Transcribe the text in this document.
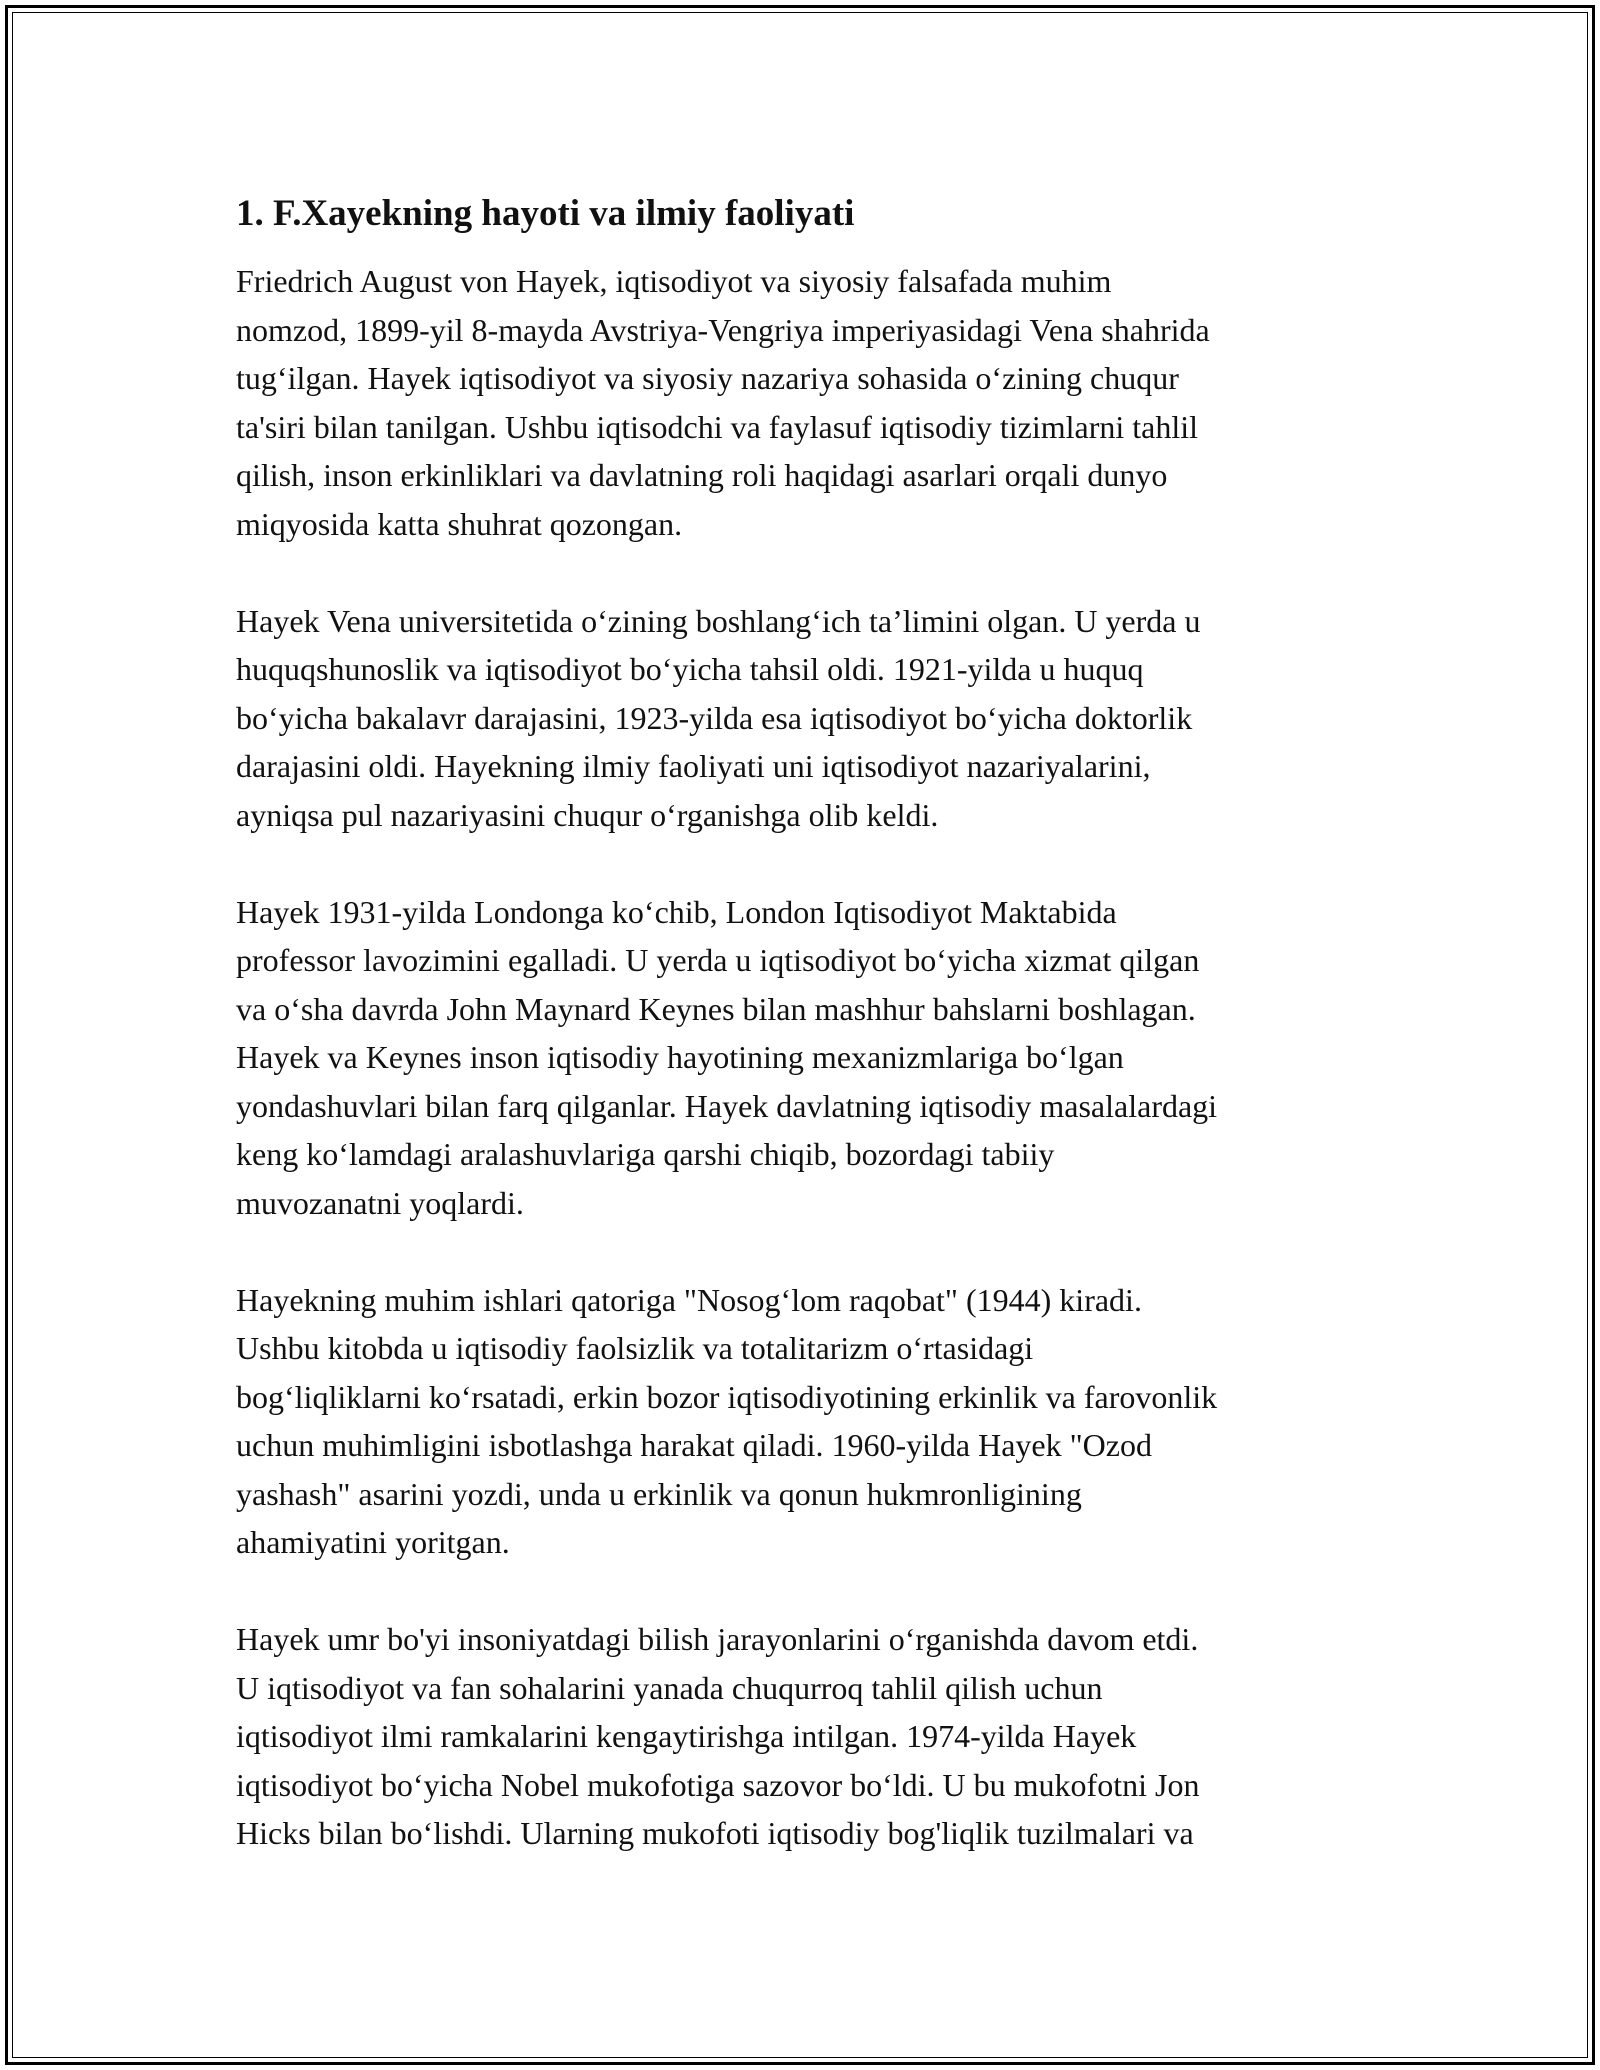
1. F.Xayekning hayoti va ilmiy faoliyati

Friedrich August von Hayek, iqtisodiyot va siyosiy falsafada muhim
nomzod, 1899-yil 8-mayda Avstriya-Vengriya imperiyasidagi Vena shahrida
tug‘ilgan. Hayek iqtisodiyot va siyosiy nazariya sohasida o‘zining chuqur
ta'siri bilan tanilgan. Ushbu iqtisodchi va faylasuf iqtisodiy tizimlarni tahlil
qilish, inson erkinliklari va davlatning roli haqidagi asarlari orqali dunyo
miqyosida katta shuhrat qozongan.

Hayek Vena universitetida o‘zining boshlang‘ich ta’limini olgan. U yerda u
huquqshunoslik va iqtisodiyot bo‘yicha tahsil oldi. 1921-yilda u huquq
bo‘yicha bakalavr darajasini, 1923-yilda esa iqtisodiyot bo‘yicha doktorlik
darajasini oldi. Hayekning ilmiy faoliyati uni iqtisodiyot nazariyalarini,
ayniqsa pul nazariyasini chuqur o‘rganishga olib keldi.

Hayek 1931-yilda Londonga ko‘chib, London Iqtisodiyot Maktabida
professor lavozimini egalladi. U yerda u iqtisodiyot bo‘yicha xizmat qilgan
va o‘sha davrda John Maynard Keynes bilan mashhur bahslarni boshlagan.
Hayek va Keynes inson iqtisodiy hayotining mexanizmlariga bo‘lgan
yondashuvlari bilan farq qilganlar. Hayek davlatning iqtisodiy masalalardagi
keng ko‘lamdagi aralashuvlariga qarshi chiqib, bozordagi tabiiy
muvozanatni yoqlardi.

Hayekning muhim ishlari qatoriga "Nosog‘lom raqobat" (1944) kiradi.
Ushbu kitobda u iqtisodiy faolsizlik va totalitarizm o‘rtasidagi
bog‘liqliklarni ko‘rsatadi, erkin bozor iqtisodiyotining erkinlik va farovonlik
uchun muhimligini isbotlashga harakat qiladi. 1960-yilda Hayek "Ozod
yashash" asarini yozdi, unda u erkinlik va qonun hukmronligining
ahamiyatini yoritgan.

Hayek umr bo'yi insoniyatdagi bilish jarayonlarini o‘rganishda davom etdi.
U iqtisodiyot va fan sohalarini yanada chuqurroq tahlil qilish uchun
iqtisodiyot ilmi ramkalarini kengaytirishga intilgan. 1974-yilda Hayek
iqtisodiyot bo‘yicha Nobel mukofotiga sazovor bo‘ldi. U bu mukofotni Jon
Hicks bilan bo‘lishdi. Ularning mukofoti iqtisodiy bog'liqlik tuzilmalari va
